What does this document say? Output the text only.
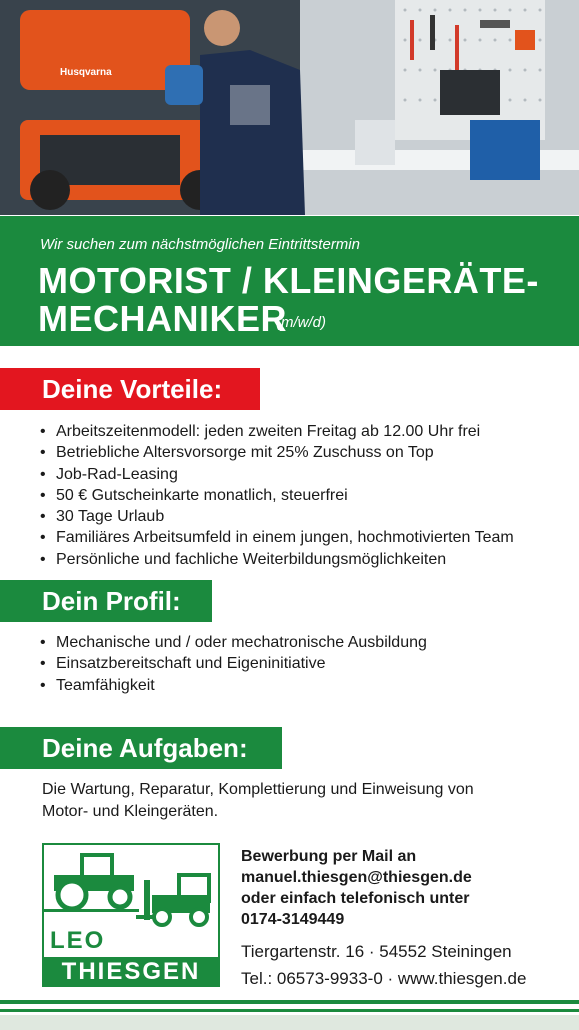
Husqvarna
Wir suchen zum nächstmöglichen Eintrittstermin
MOTORIST / KLEINGERÄTE-
MECHANIKER
(m/w/d)
Deine Vorteile:
• Arbeitszeitenmodell: jeden zweiten Freitag ab 12.00 Uhr frei
• Betriebliche Altersvorsorge mit 25% Zuschuss on Top
• Job-Rad-Leasing
• 50 € Gutscheinkarte monatlich, steuerfrei
• 30 Tage Urlaub
• Familiäres Arbeitsumfeld in einem jungen, hochmotivierten Team
• Persönliche und fachliche Weiterbildungsmöglichkeiten
Dein Profil:
• Mechanische und / oder mechatronische Ausbildung
• Einsatzbereitschaft und Eigeninitiative
• Teamfähigkeit
Deine Aufgaben:
Die Wartung, Reparatur, Komplettierung und Einweisung von
Motor- und Kleingeräten.
LEO
THIESGEN
Bewerbung per Mail an
manuel.thiesgen@thiesgen.de
oder einfach telefonisch unter
0174-3149449
Tiergartenstr. 16 · 54552 Steiningen
Tel.: 06573-9933-0 · www.thiesgen.de
